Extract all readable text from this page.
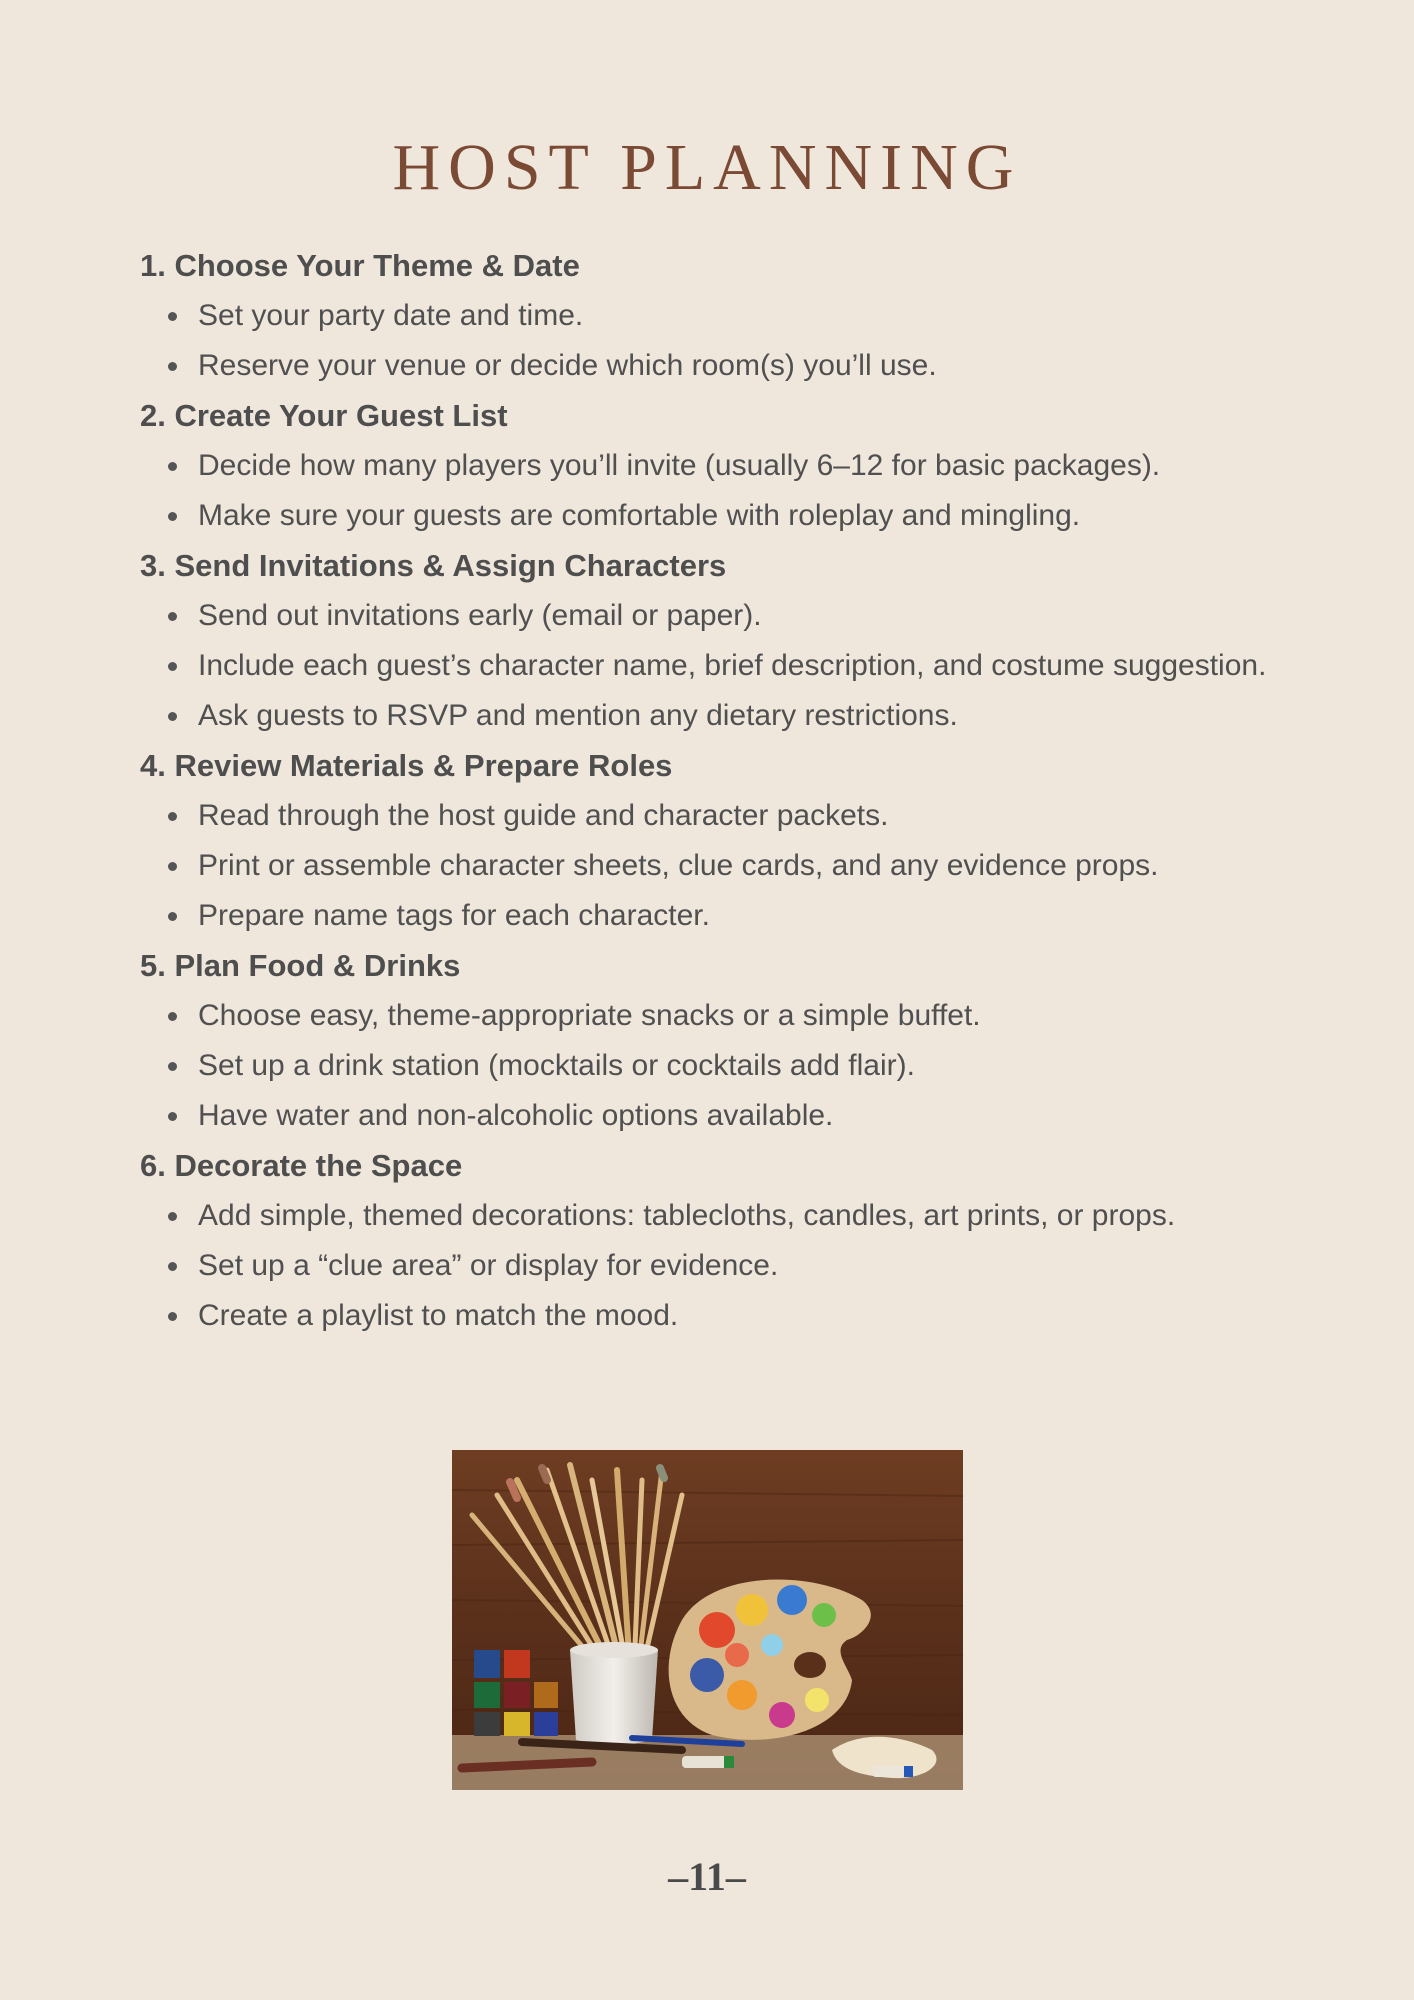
HOST PLANNING
1. Choose Your Theme & Date
Set your party date and time.
Reserve your venue or decide which room(s) you’ll use.
2. Create Your Guest List
Decide how many players you’ll invite (usually 6–12 for basic packages).
Make sure your guests are comfortable with roleplay and mingling.
3. Send Invitations & Assign Characters
Send out invitations early (email or paper).
Include each guest’s character name, brief description, and costume suggestion.
Ask guests to RSVP and mention any dietary restrictions.
4. Review Materials & Prepare Roles
Read through the host guide and character packets.
Print or assemble character sheets, clue cards, and any evidence props.
Prepare name tags for each character.
5. Plan Food & Drinks
Choose easy, theme-appropriate snacks or a simple buffet.
Set up a drink station (mocktails or cocktails add flair).
Have water and non-alcoholic options available.
6. Decorate the Space
Add simple, themed decorations: tablecloths, candles, art prints, or props.
Set up a “clue area” or display for evidence.
Create a playlist to match the mood.
–11–
